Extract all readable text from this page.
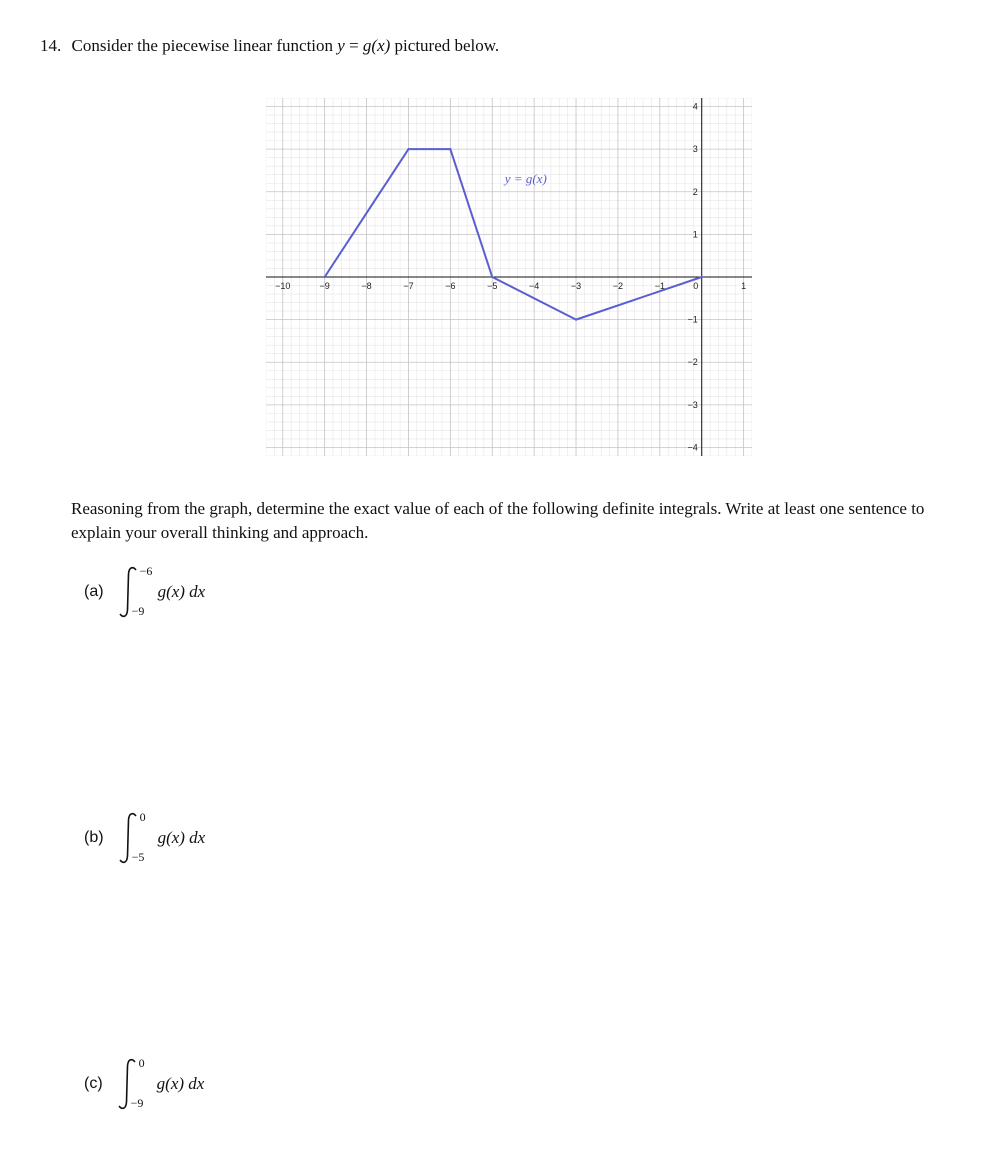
14. Consider the piecewise linear function y = g(x) pictured below.
−10	−9	−8	−7	−6	−5	−4	−3	−2	−1	0	1
−4
−3
−2
−1
1
2
3
4
y = g(x)
Reasoning from the graph, determine the exact value of each of the following definite integrals. Write at least one sentence to explain your overall thinking and approach.
(a)
−6
−9
g(x) dx
(b)
0
−5
g(x) dx
(c)
0
−9
g(x) dx
